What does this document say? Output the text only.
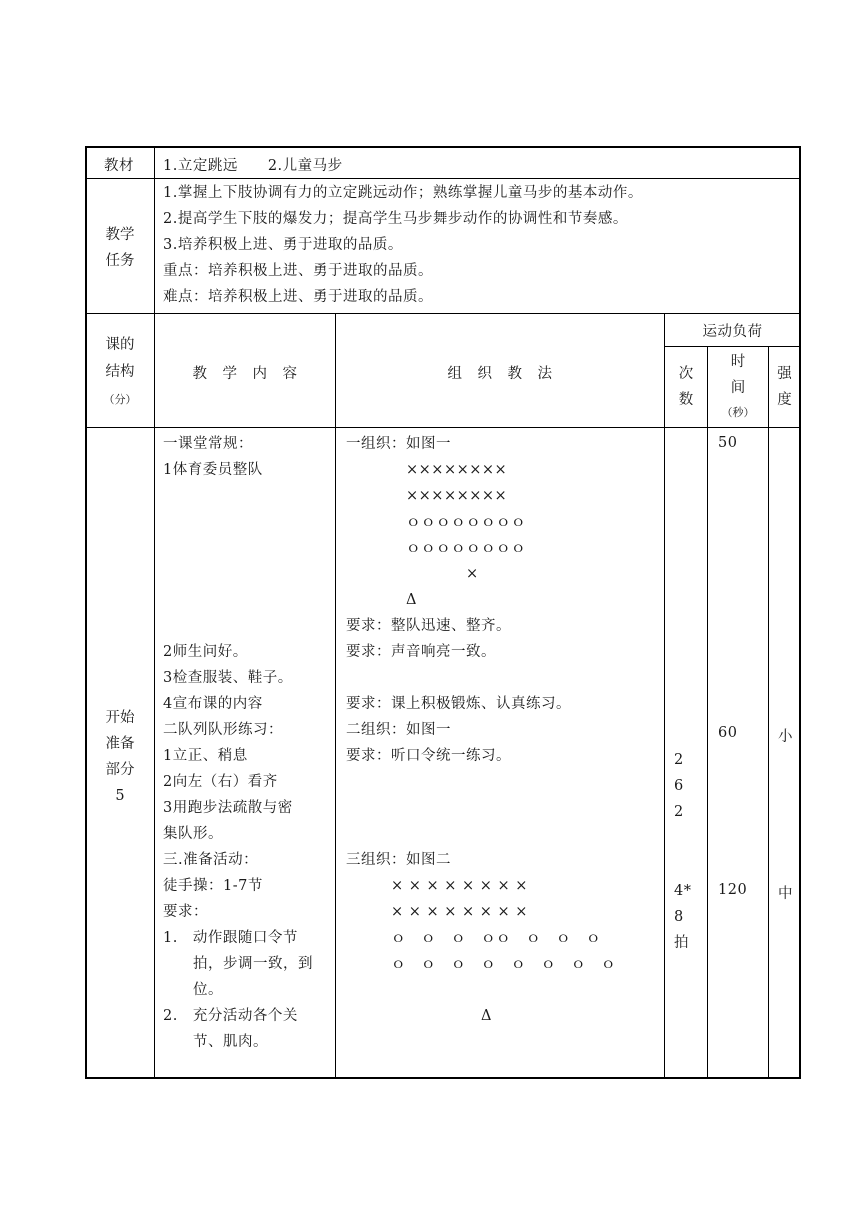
教材 1.立定跳远　　2.儿童马步
教学
任务
1.掌握上下肢协调有力的立定跳远动作；熟练掌握儿童马步的基本动作。
2.提高学生下肢的爆发力；提高学生马步舞步动作的协调性和节奏感。
3.培养积极上进、勇于进取的品质。
重点：培养积极上进、勇于进取的品质。
难点：培养积极上进、勇于进取的品质。
课的
结构
（分）
教　学　内　容	组　织　教　法
运动负荷
次
数
时
间
（秒）
强
度
开始
准备
部分
5
一课堂常规：
1体育委员整队
2师生问好。
3检查服装、鞋子。
4宣布课的内容
二队列队形练习：
1立正、稍息
2向左（右）看齐
3用跑步法疏散与密
集队形。
三.准备活动：
徒手操：1-7节
要求：
1.　动作跟随口令节
　　拍，步调一致，到
　　位。
2.　充分活动各个关
　　节、肌肉。
一组织：如图一
　　　　××××××××
　　　　××××××××
　　　　ｏｏｏｏｏｏｏｏ
　　　　ｏｏｏｏｏｏｏｏ
　　　　　　　　×
　　　　Δ
要求：整队迅速、整齐。
要求：声音响亮一致。
要求：课上积极锻炼、认真练习。
二组织：如图一
要求：听口令统一练习。
三组织：如图二
　　　× × × × × × × ×
　　　× × × × × × × ×
　　　ｏ　ｏ　ｏ　ｏｏ　ｏ　ｏ　ｏ
　　　ｏ　ｏ　ｏ　ｏ　ｏ　ｏ　ｏ　ｏ
　　　　　　　　　Δ
2
6
2
4*
8
拍
50
60
120
小
中
